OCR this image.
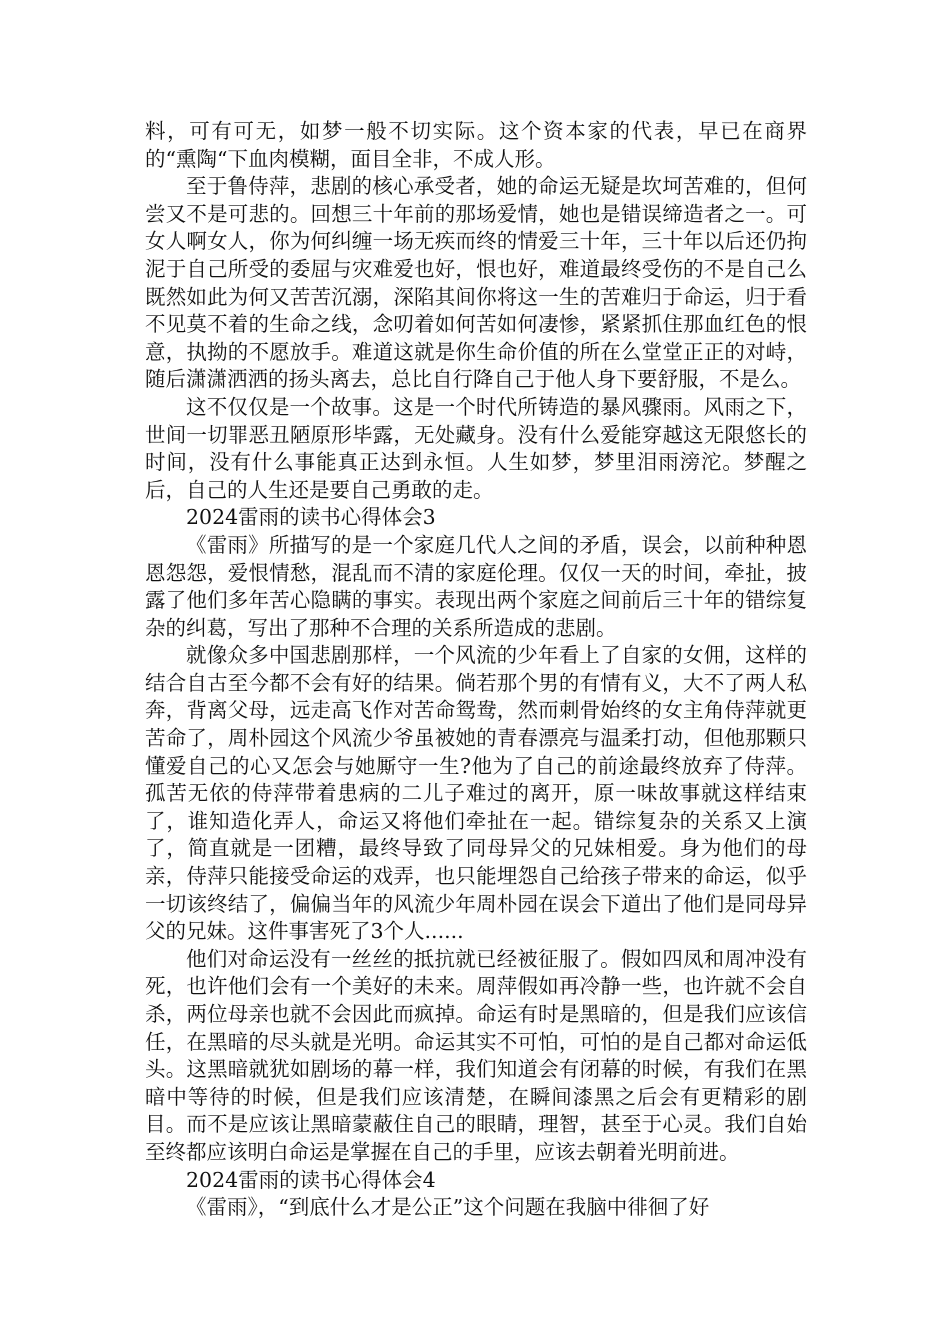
料，可有可无，如梦一般不切实际。这个资本家的代表，早已在商界的“熏陶“下血肉模糊，面目全非，不成人形。

至于鲁侍萍，悲剧的核心承受者，她的命运无疑是坎坷苦难的，但何尝又不是可悲的。回想三十年前的那场爱情，她也是错误缔造者之一。可女人啊女人，你为何纠缠一场无疾而终的情爱三十年，三十年以后还仍拘泥于自己所受的委屈与灾难爱也好，恨也好，难道最终受伤的不是自己么既然如此为何又苦苦沉溺，深陷其间你将这一生的苦难归于命运，归于看不见莫不着的生命之线，念叨着如何苦如何凄惨，紧紧抓住那血红色的恨意，执拗的不愿放手。难道这就是你生命价值的所在么堂堂正正的对峙，随后潇潇洒洒的扬头离去，总比自行降自己于他人身下要舒服，不是么。

这不仅仅是一个故事。这是一个时代所铸造的暴风骤雨。风雨之下，世间一切罪恶丑陋原形毕露，无处藏身。没有什么爱能穿越这无限悠长的时间，没有什么事能真正达到永恒。人生如梦，梦里泪雨滂沱。梦醒之后，自己的人生还是要自己勇敢的走。

2024雷雨的读书心得体会3

《雷雨》所描写的是一个家庭几代人之间的矛盾，误会，以前种种恩恩怨怨，爱恨情愁，混乱而不清的家庭伦理。仅仅一天的时间，牵扯，披露了他们多年苦心隐瞒的事实。表现出两个家庭之间前后三十年的错综复杂的纠葛，写出了那种不合理的关系所造成的悲剧。

就像众多中国悲剧那样，一个风流的少年看上了自家的女佣，这样的结合自古至今都不会有好的结果。倘若那个男的有情有义，大不了两人私奔，背离父母，远走高飞作对苦命鸳鸯，然而刺骨始终的女主角侍萍就更苦命了，周朴园这个风流少爷虽被她的青春漂亮与温柔打动，但他那颗只懂爱自己的心又怎会与她厮守一生?他为了自己的前途最终放弃了侍萍。孤苦无依的侍萍带着患病的二儿子难过的离开，原一味故事就这样结束了，谁知造化弄人，命运又将他们牵扯在一起。错综复杂的关系又上演了，简直就是一团糟，最终导致了同母异父的兄妹相爱。身为他们的母亲，侍萍只能接受命运的戏弄，也只能埋怨自己给孩子带来的命运，似乎一切该终结了，偏偏当年的风流少年周朴园在误会下道出了他们是同母异父的兄妹。这件事害死了3个人......

他们对命运没有一丝丝的抵抗就已经被征服了。假如四凤和周冲没有死，也许他们会有一个美好的未来。周萍假如再冷静一些，也许就不会自杀，两位母亲也就不会因此而疯掉。命运有时是黑暗的，但是我们应该信任，在黑暗的尽头就是光明。命运其实不可怕，可怕的是自己都对命运低头。这黑暗就犹如剧场的幕一样，我们知道会有闭幕的时候，有我们在黑暗中等待的时候，但是我们应该清楚，在瞬间漆黑之后会有更精彩的剧目。而不是应该让黑暗蒙蔽住自己的眼睛，理智，甚至于心灵。我们自始至终都应该明白命运是掌握在自己的手里，应该去朝着光明前进。

2024雷雨的读书心得体会4

《雷雨》，“到底什么才是公正”这个问题在我脑中徘徊了好
